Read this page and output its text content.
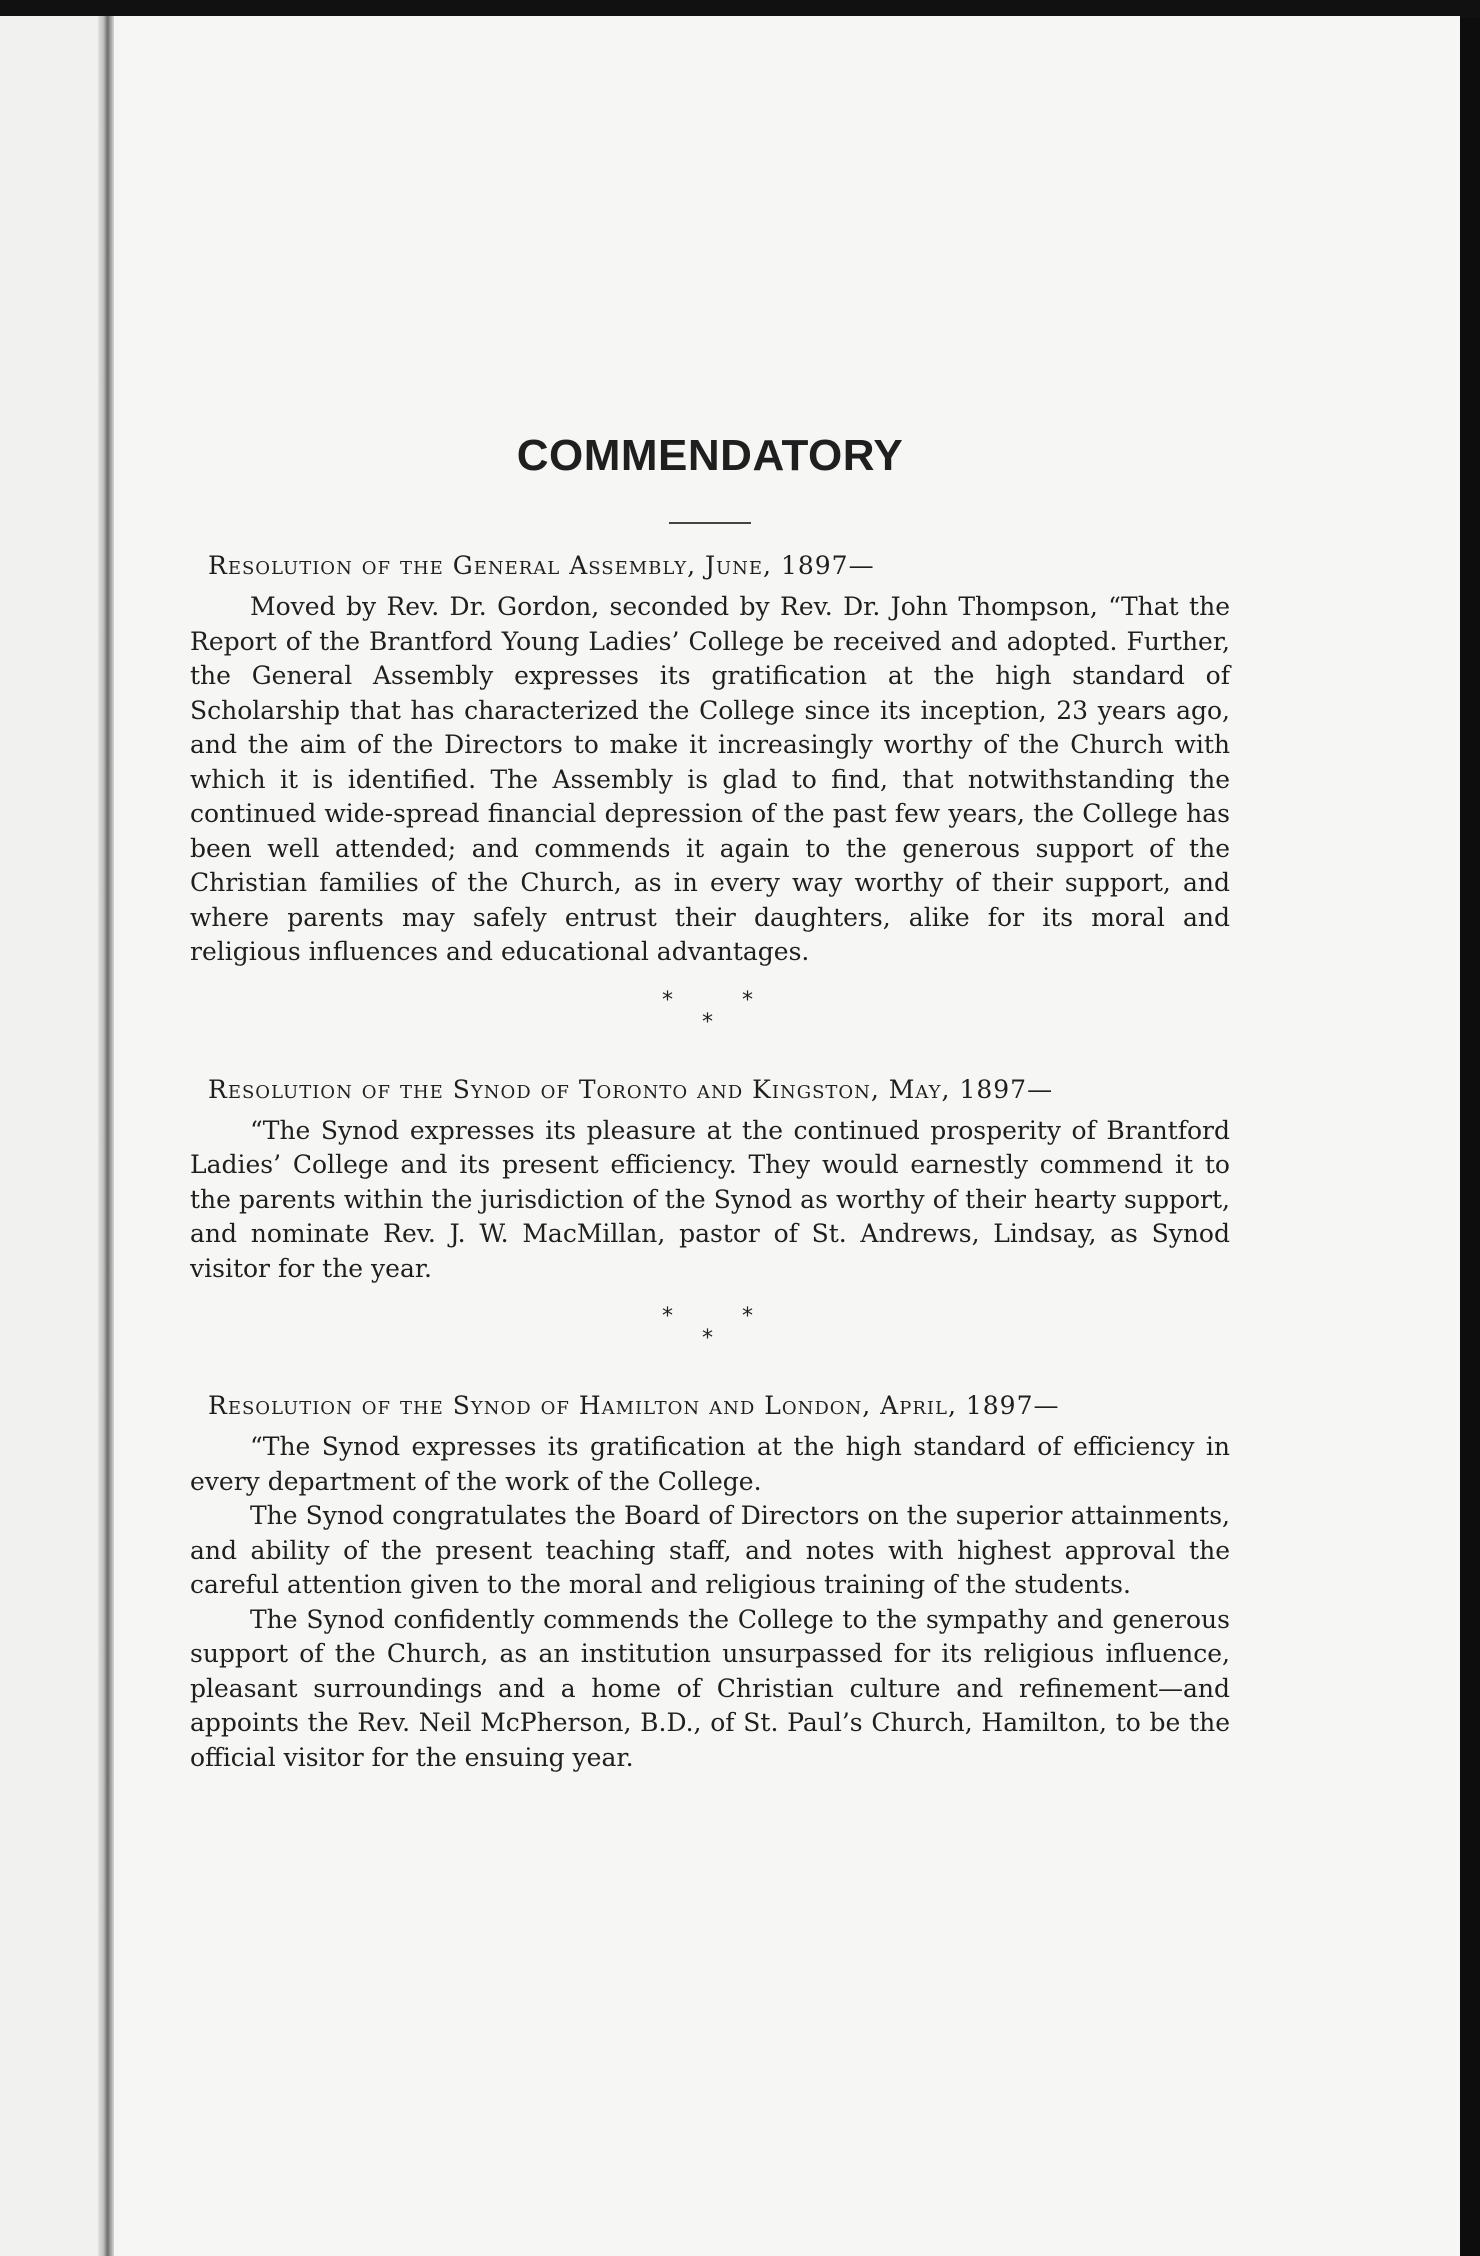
COMMENDATORY

Resolution of the General Assembly, June, 1897—

Moved by Rev. Dr. Gordon, seconded by Rev. Dr. John Thompson, “That the Report of the Brantford Young Ladies’ College be received and adopted. Further, the General Assembly expresses its gratification at the high standard of Scholarship that has characterized the College since its inception, 23 years ago, and the aim of the Directors to make it increasingly worthy of the Church with which it is identified. The Assembly is glad to find, that notwithstanding the continued wide-spread financial depression of the past few years, the College has been well attended; and commends it again to the generous support of the Christian families of the Church, as in every way worthy of their support, and where parents may safely entrust their daughters, alike for its moral and religious influences and educational advantages.

*
*
*

Resolution of the Synod of Toronto and Kingston, May, 1897—

“The Synod expresses its pleasure at the continued prosperity of Brantford Ladies’ College and its present efficiency. They would earnestly commend it to the parents within the jurisdiction of the Synod as worthy of their hearty support, and nominate Rev. J. W. MacMillan, pastor of St. Andrews, Lindsay, as Synod visitor for the year.

*
*
*

Resolution of the Synod of Hamilton and London, April, 1897—

“The Synod expresses its gratification at the high standard of efficiency in every department of the work of the College.

The Synod congratulates the Board of Directors on the superior attainments, and ability of the present teaching staff, and notes with highest approval the careful attention given to the moral and religious training of the students.

The Synod confidently commends the College to the sympathy and generous support of the Church, as an institution unsurpassed for its religious influence, pleasant surroundings and a home of Christian culture and refinement—and appoints the Rev. Neil McPherson, B.D., of St. Paul’s Church, Hamilton, to be the official visitor for the ensuing year.
